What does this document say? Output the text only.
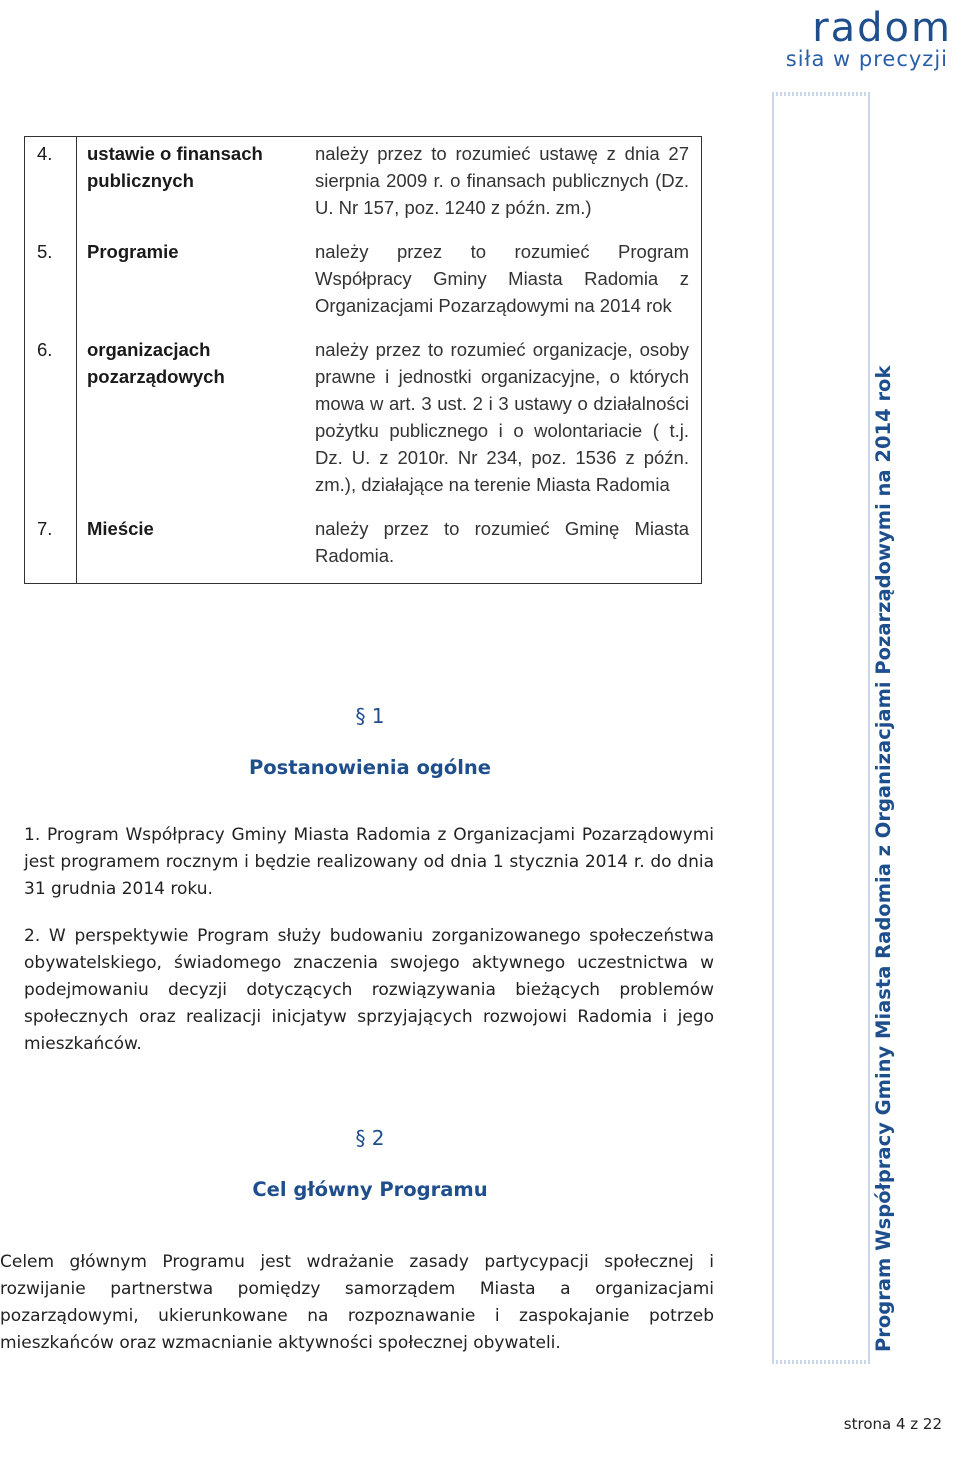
radom
siła w precyzji
Program Współpracy Gminy Miasta Radomia z Organizacjami Pozarządowymi na 2014 rok
4.	ustawie o finansach publicznych	należy przez to rozumieć ustawę z dnia 27 sierpnia 2009 r. o finansach publicznych (Dz. U. Nr 157, poz. 1240 z późn. zm.)
5.	Programie	należy przez to rozumieć Program Współpracy Gminy Miasta Radomia z Organizacjami Pozarządowymi na 2014 rok
6.	organizacjach pozarządowych	należy przez to rozumieć organizacje, osoby prawne i jednostki organizacyjne, o których mowa w art. 3 ust. 2 i 3 ustawy o działalności pożytku publicznego i o wolontariacie ( t.j. Dz. U. z 2010r. Nr 234, poz. 1536 z późn. zm.), działające na terenie Miasta Radomia
7.	Mieście	należy przez to rozumieć Gminę Miasta Radomia.
§ 1
Postanowienia ogólne
1. Program Współpracy Gminy Miasta Radomia z Organizacjami Pozarządowymi jest programem rocznym i będzie realizowany od dnia 1 stycznia 2014 r. do dnia 31 grudnia 2014 roku.
2. W perspektywie Program służy budowaniu zorganizowanego społeczeństwa obywatelskiego, świadomego znaczenia swojego aktywnego uczestnictwa w podejmowaniu decyzji dotyczących rozwiązywania bieżących problemów społecznych oraz realizacji inicjatyw sprzyjających rozwojowi Radomia i jego mieszkańców.
§ 2
Cel główny Programu
Celem głównym Programu jest wdrażanie zasady partycypacji społecznej i rozwijanie partnerstwa pomiędzy samorządem Miasta a organizacjami pozarządowymi, ukierunkowane na rozpoznawanie i zaspokajanie potrzeb mieszkańców oraz wzmacnianie aktywności społecznej obywateli.
strona 4 z 22
